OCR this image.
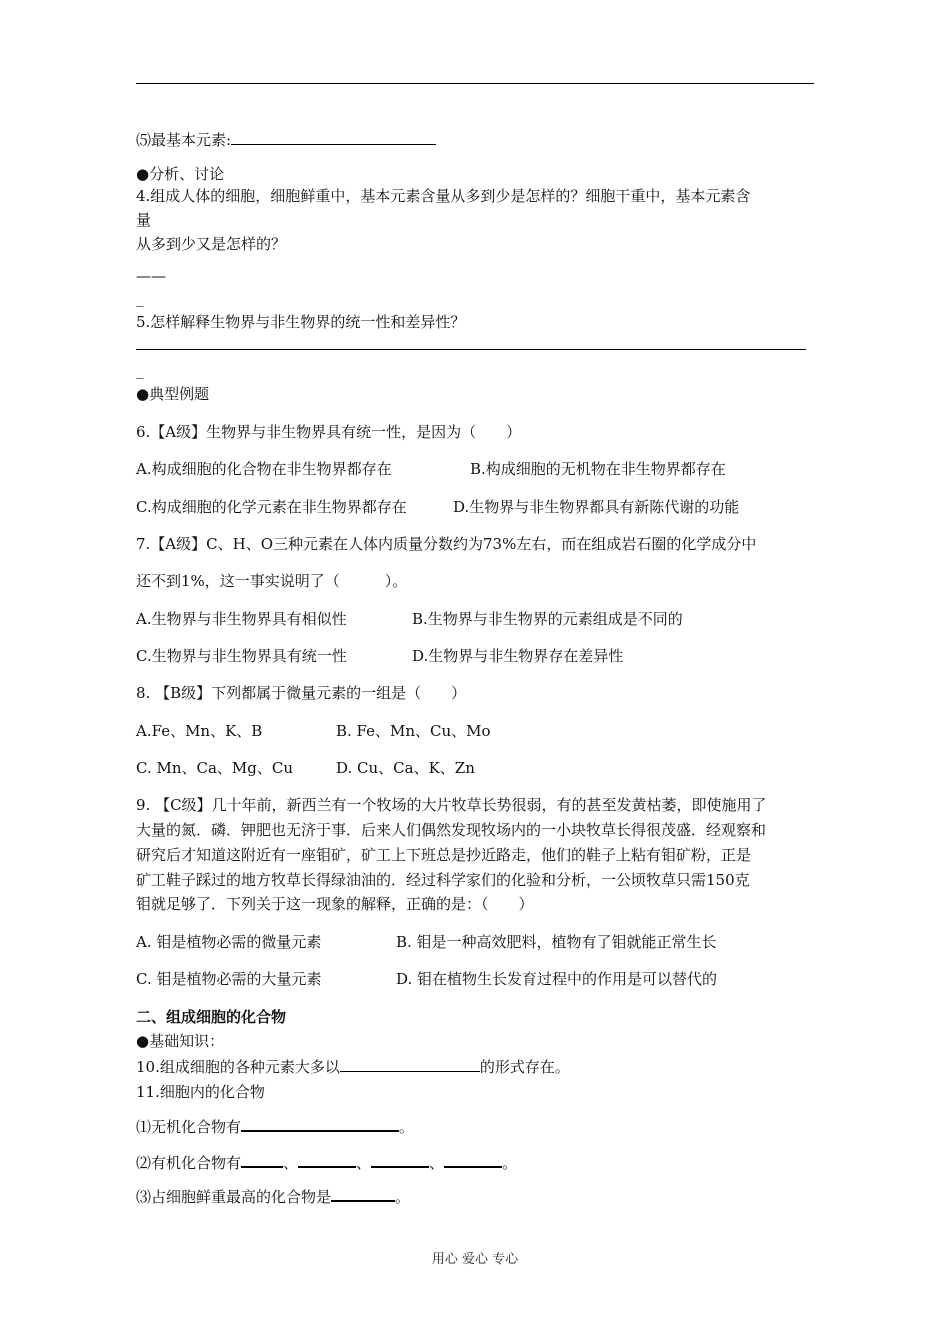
⑸最基本元素:
●分析、讨论
4.组成人体的细胞，细胞鲜重中，基本元素含量从多到少是怎样的？细胞干重中，基本元素含
量
从多到少又是怎样的？
——
_
5.怎样解释生物界与非生物界的统一性和差异性？
_
●典型例题
6.【A级】生物界与非生物界具有统一性，是因为（　　）
A.构成细胞的化合物在非生物界都存在	B.构成细胞的无机物在非生物界都存在
C.构成细胞的化学元素在非生物界都存在	D.生物界与非生物界都具有新陈代谢的功能
7.【A级】C、H、O三种元素在人体内质量分数约为73%左右，而在组成岩石圈的化学成分中
还不到1%，这一事实说明了（　　　）。
A.生物界与非生物界具有相似性	B.生物界与非生物界的元素组成是不同的
C.生物界与非生物界具有统一性	D.生物界与非生物界存在差异性
8. 【B级】下列都属于微量元素的一组是（　　）
A.Fe、Mn、K、B	B. Fe、Mn、Cu、Mo
C. Mn、Ca、Mg、Cu	D. Cu、Ca、K、Zn
9. 【C级】几十年前，新西兰有一个牧场的大片牧草长势很弱，有的甚至发黄枯萎，即使施用了
大量的氮．磷．钾肥也无济于事．后来人们偶然发现牧场内的一小块牧草长得很茂盛．经观察和
研究后才知道这附近有一座钼矿，矿工上下班总是抄近路走，他们的鞋子上粘有钼矿粉，正是
矿工鞋子踩过的地方牧草长得绿油油的．经过科学家们的化验和分析，一公顷牧草只需150克
钼就足够了．下列关于这一现象的解释，正确的是：（　　）
A. 钼是植物必需的微量元素	B. 钼是一种高效肥料，植物有了钼就能正常生长
C. 钼是植物必需的大量元素	D. 钼在植物生长发育过程中的作用是可以替代的
二、组成细胞的化合物
●基础知识：
10.组成细胞的各种元素大多以	的形式存在。
11.细胞内的化合物
⑴无机化合物有	。
⑵有机化合物有	、	、	、	。
⑶占细胞鲜重最高的化合物是	。
用心 爱心 专心
